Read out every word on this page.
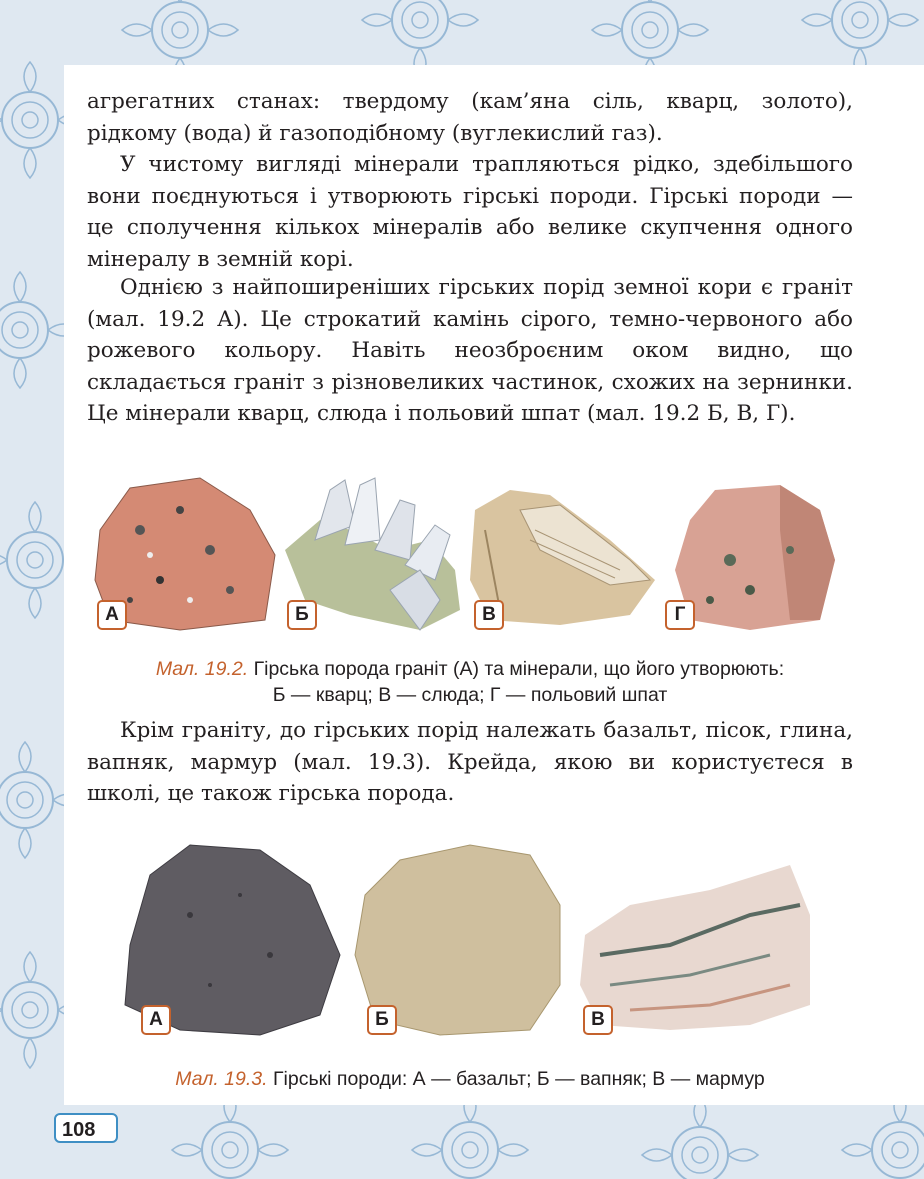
агрегатних станах: твердому (кам’яна сіль, кварц, золото), рідкому (вода) й газоподібному (вуглекислий газ).

У чистому вигляді мінерали трапляються рідко, здебільшого вони поєднуються і утворюють гірські породи. Гірські породи — це сполучення кількох мінералів або велике скупчення одного мінералу в земній корі.

Однією з найпоширеніших гірських порід земної кори є граніт (мал. 19.2 А). Це строкатий камінь сірого, темно-червоного або рожевого кольору. Навіть неозброєним оком видно, що складається граніт з різновеликих частинок, схожих на зернинки. Це мінерали кварц, слюда і польовий шпат (мал. 19.2 Б, В, Г).

А	Б	В	Г
Мал. 19.2. Гірська порода граніт (А) та мінерали, що його утворюють:
Б — кварц; В — слюда; Г — польовий шпат

Крім граніту, до гірських порід належать базальт, пісок, глина, вапняк, мармур (мал. 19.3). Крейда, якою ви користуєтеся в школі, це також гірська порода.

А	Б	В
Мал. 19.3. Гірські породи: А — базальт; Б — вапняк; В — мармур
108
